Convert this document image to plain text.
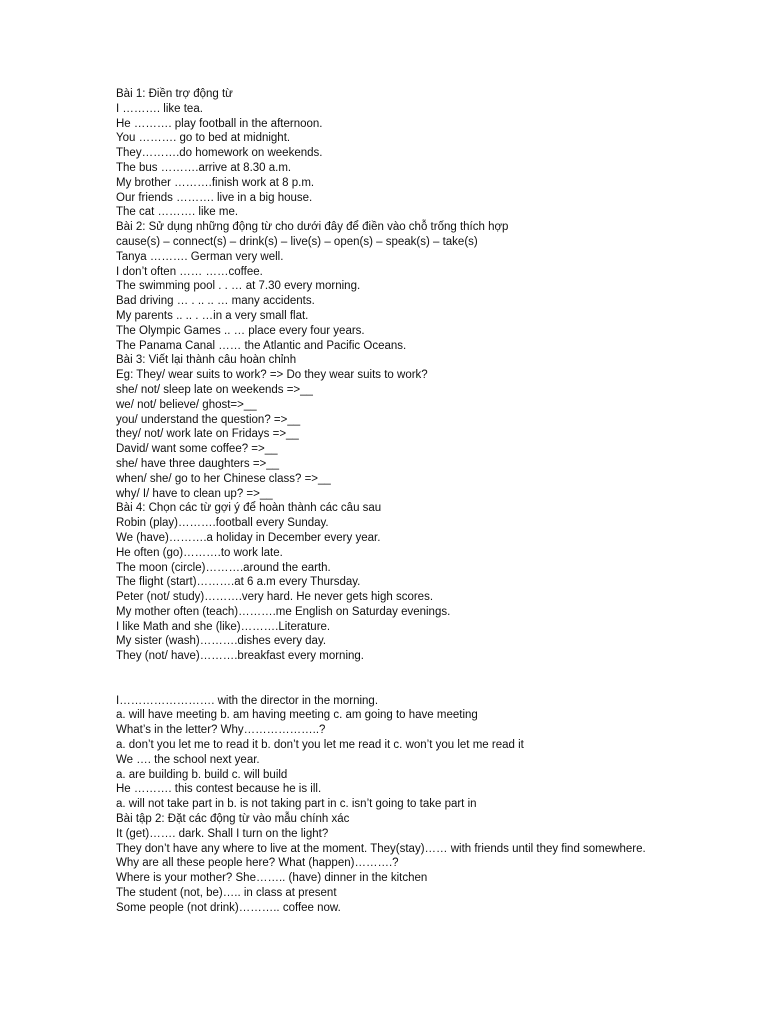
Bài 1: Điền trợ động từ
I ………. like tea.
He ………. play football in the afternoon.
You ………. go to bed at midnight.
They……….do homework on weekends.
The bus ……….arrive at 8.30 a.m.
My brother ……….finish work at 8 p.m.
Our friends ………. live in a big house.
The cat ………. like me.
Bài 2: Sử dụng những động từ cho dưới đây để điền vào chỗ trống thích hợp
cause(s) – connect(s) – drink(s) – live(s) – open(s) – speak(s) – take(s)
Tanya ………. German very well.
I don’t often …… ……coffee.
The swimming pool . . … at 7.30 every morning.
Bad driving … . .. .. … many accidents.
My parents .. .. . …in a very small flat.
The Olympic Games .. … place every four years.
The Panama Canal …… the Atlantic and Pacific Oceans.
Bài 3: Viết lại thành câu hoàn chỉnh
Eg: They/ wear suits to work? => Do they wear suits to work?
she/ not/ sleep late on weekends =>__
we/ not/ believe/ ghost=>__
you/ understand the question? =>__
they/ not/ work late on Fridays =>__
David/ want some coffee? =>__
she/ have three daughters =>__
when/ she/ go to her Chinese class? =>__
why/ I/ have to clean up? =>__
Bài 4: Chọn các từ gợi ý để hoàn thành các câu sau
Robin (play)……….football every Sunday.
We (have)……….a holiday in December every year.
He often (go)……….to work late.
The moon (circle)……….around the earth.
The flight (start)……….at 6 a.m every Thursday.
Peter (not/ study)……….very hard. He never gets high scores.
My mother often (teach)……….me English on Saturday evenings.
I like Math and she (like)……….Literature.
My sister (wash)……….dishes every day.
They (not/ have)……….breakfast every morning.
I……………………. with the director in the morning.
a. will have meeting b. am having meeting c. am going to have meeting
What’s in the letter? Why………………..?
a. don’t you let me to read it b. don’t you let me read it c. won’t you let me read it
We …. the school next year.
a. are building b. build c. will build
He ………. this contest because he is ill.
a. will not take part in b. is not taking part in c. isn’t going to take part in
Bài tập 2: Đặt các động từ vào mẫu chính xác
It (get)……. dark. Shall I turn on the light?
They don’t have any where to live at the moment. They(stay)…… with friends until they find somewhere.
Why are all these people here? What (happen)……….?
Where is your mother? She…….. (have) dinner in the kitchen
The student (not, be)….. in class at present
Some people (not drink)……….. coffee now.
